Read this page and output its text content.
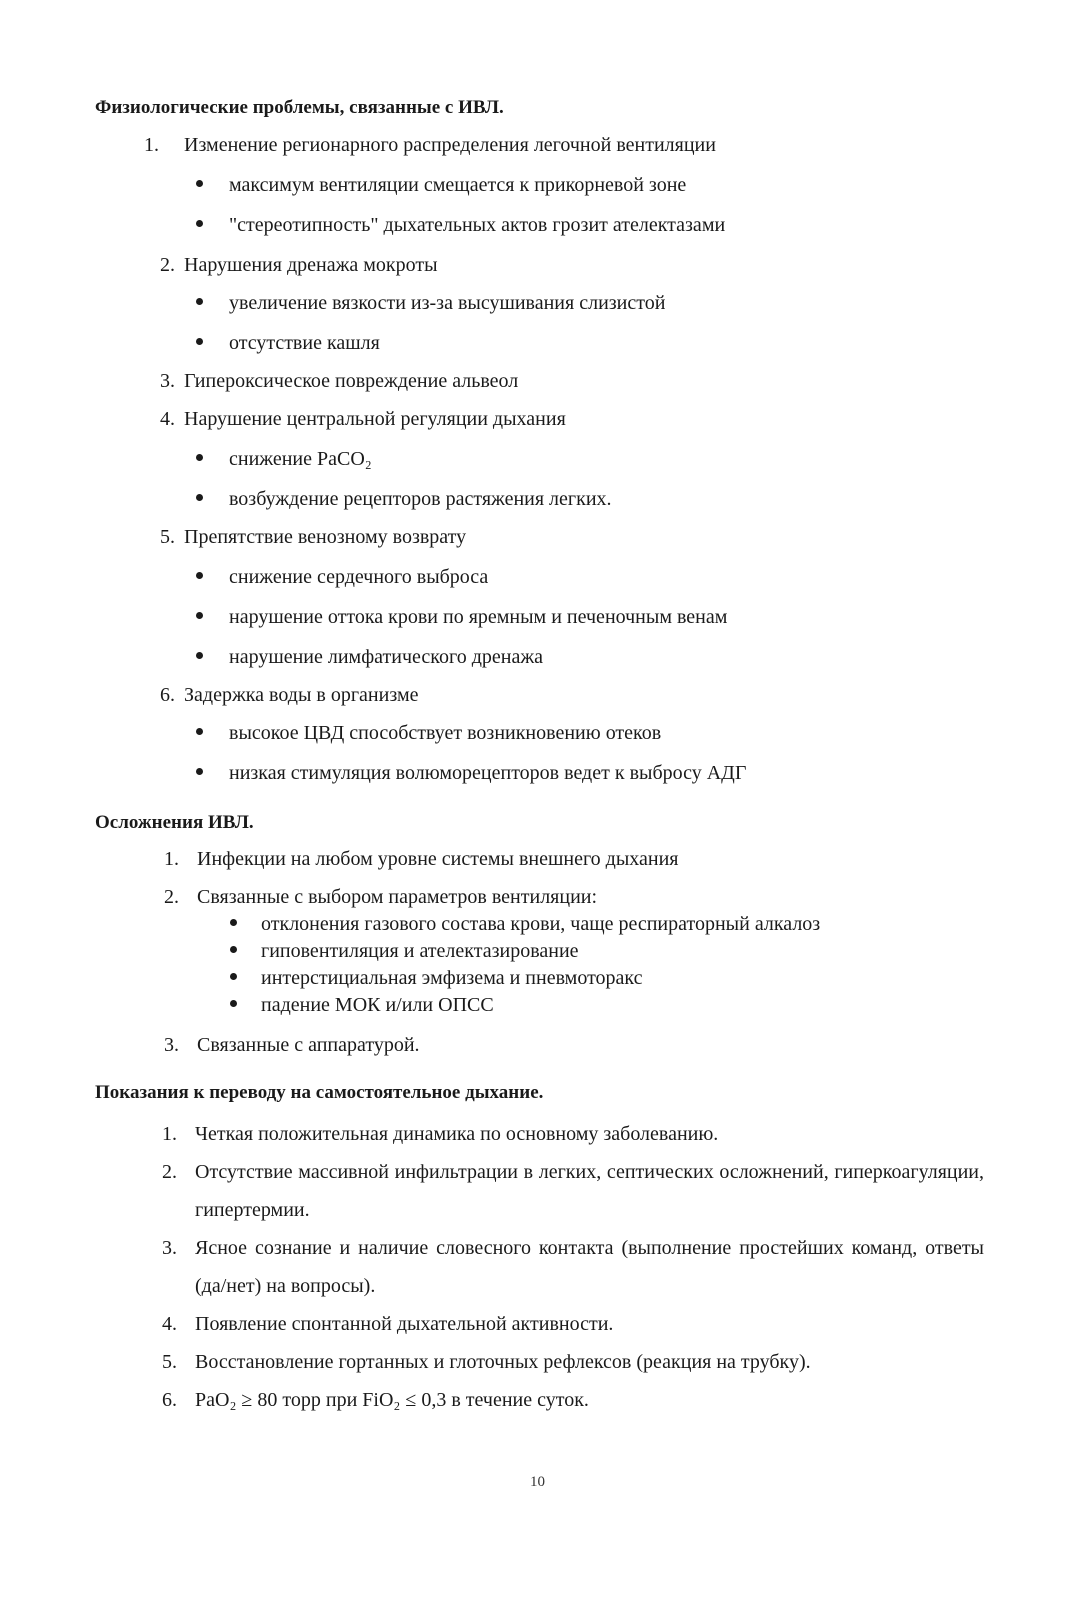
Физиологические проблемы, связанные с ИВЛ.
1.	Изменение регионарного распределения легочной вентиляции
максимум вентиляции смещается к прикорневой зоне
"стереотипность" дыхательных актов грозит ателектазами
2. Нарушения дренажа мокроты
увеличение вязкости из-за высушивания слизистой
отсутствие кашля
3. Гипероксическое повреждение альвеол
4. Нарушение центральной регуляции дыхания
снижение PaCO₂
возбуждение рецепторов растяжения легких.
5. Препятствие венозному возврату
снижение сердечного выброса
нарушение оттока крови по яремным и печеночным венам
нарушение лимфатического дренажа
6. Задержка воды в организме
высокое ЦВД способствует возникновению отеков
низкая стимуляция волюморецепторов ведет к выбросу АДГ
Осложнения ИВЛ.
1. Инфекции на любом уровне системы внешнего дыхания
2. Связанные с выбором параметров вентиляции:
отклонения газового состава крови, чаще респираторный алкалоз
гиповентиляция и ателектазирование
интерстициальная эмфизема и пневмоторакс
падение МОК и/или ОПСС
3. Связанные с аппаратурой.
Показания к переводу на самостоятельное дыхание.
1. Четкая положительная динамика по основному заболеванию.
2. Отсутствие массивной инфильтрации в легких, септических осложнений, гиперкоагуляции, гипертермии.
3. Ясное сознание и наличие словесного контакта (выполнение простейших команд, ответы (да/нет) на вопросы).
4. Появление спонтанной дыхательной активности.
5. Восстановление гортанных и глоточных рефлексов (реакция на трубку).
6. PaO₂ ≥ 80 торр при FiO₂ ≤ 0,3 в течение суток.
10
